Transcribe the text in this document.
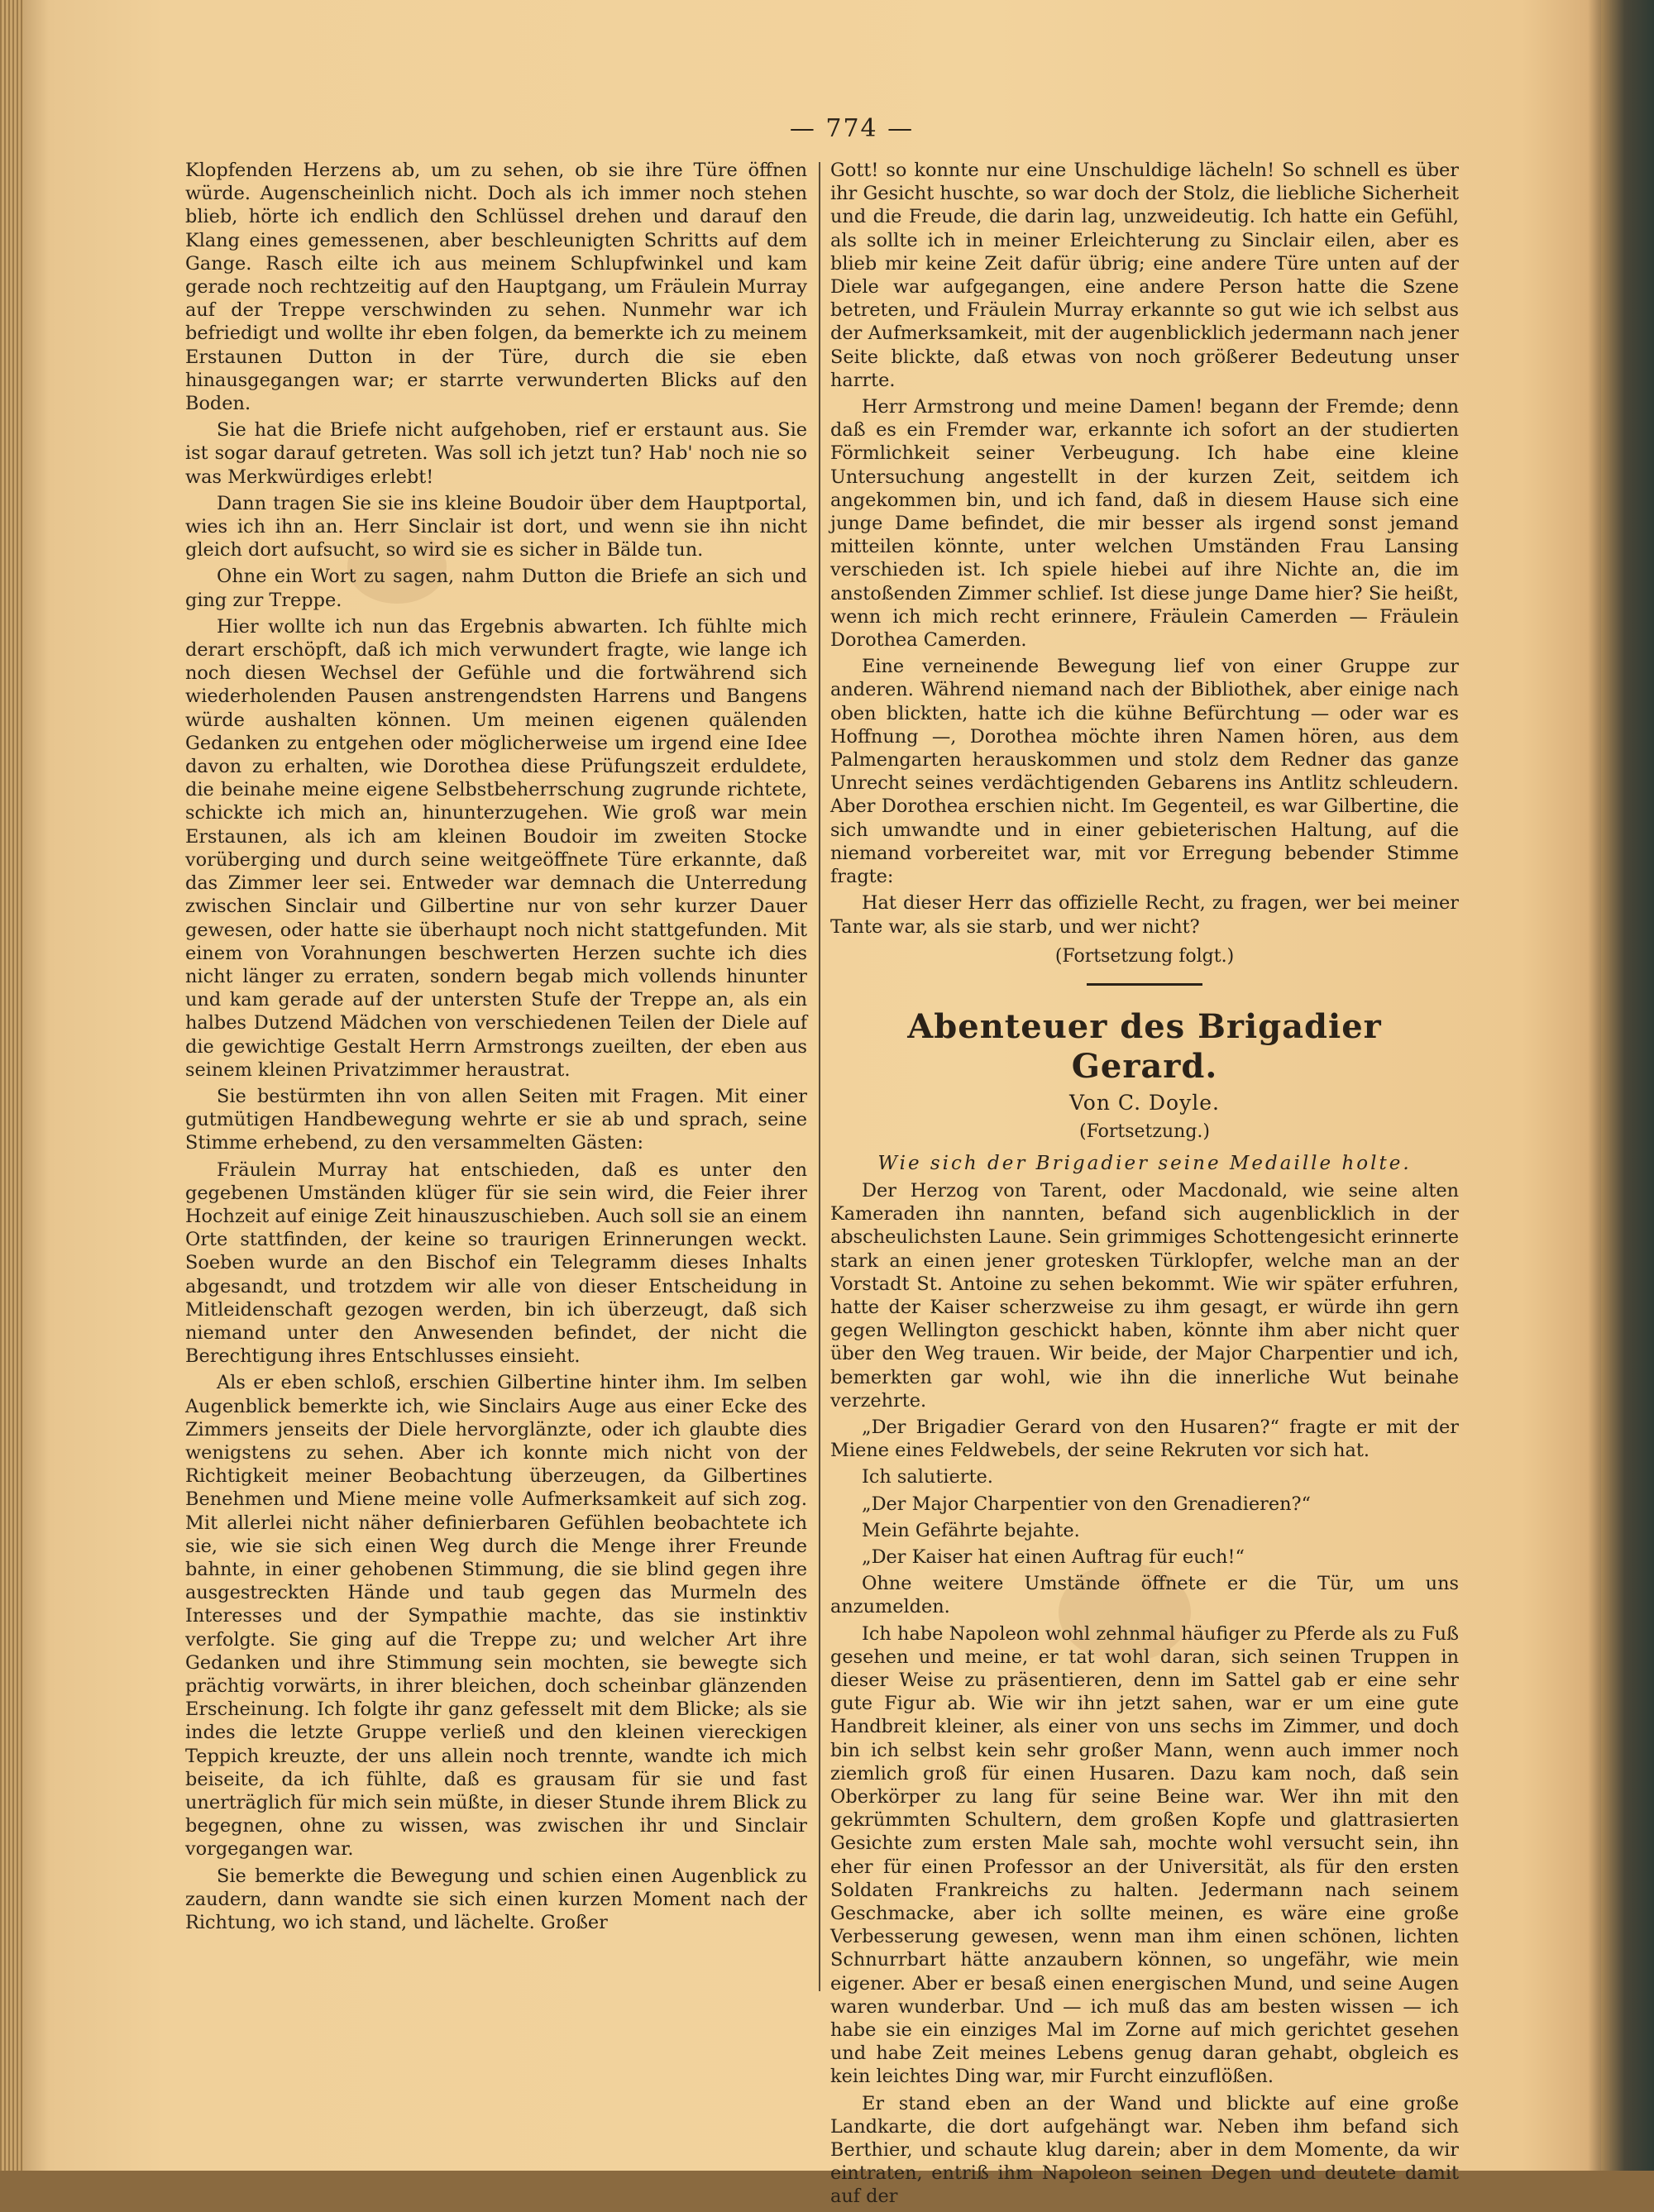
— 774 —

Klopfenden Herzens ab, um zu sehen, ob sie ihre Türe öffnen würde. Augenscheinlich nicht. Doch als ich immer noch stehen blieb, hörte ich endlich den Schlüssel drehen und darauf den Klang eines gemessenen, aber beschleunigten Schritts auf dem Gange. Rasch eilte ich aus meinem Schlupfwinkel und kam gerade noch rechtzeitig auf den Hauptgang, um Fräulein Murray auf der Treppe verschwinden zu sehen. Nunmehr war ich befriedigt und wollte ihr eben folgen, da bemerkte ich zu meinem Erstaunen Dutton in der Türe, durch die sie eben hinausgegangen war; er starrte verwunderten Blicks auf den Boden.

Sie hat die Briefe nicht aufgehoben, rief er erstaunt aus. Sie ist sogar darauf getreten. Was soll ich jetzt tun? Hab' noch nie so was Merkwürdiges erlebt!

Dann tragen Sie sie ins kleine Boudoir über dem Hauptportal, wies ich ihn an. Herr Sinclair ist dort, und wenn sie ihn nicht gleich dort aufsucht, so wird sie es sicher in Bälde tun.

Ohne ein Wort zu sagen, nahm Dutton die Briefe an sich und ging zur Treppe.

Hier wollte ich nun das Ergebnis abwarten. Ich fühlte mich derart erschöpft, daß ich mich verwundert fragte, wie lange ich noch diesen Wechsel der Gefühle und die fortwährend sich wiederholenden Pausen anstrengendsten Harrens und Bangens würde aushalten können. Um meinen eigenen quälenden Gedanken zu entgehen oder möglicherweise um irgend eine Idee davon zu erhalten, wie Dorothea diese Prüfungszeit erduldete, die beinahe meine eigene Selbstbeherrschung zugrunde richtete, schickte ich mich an, hinunterzugehen. Wie groß war mein Erstaunen, als ich am kleinen Boudoir im zweiten Stocke vorüberging und durch seine weitgeöffnete Türe erkannte, daß das Zimmer leer sei. Entweder war demnach die Unterredung zwischen Sinclair und Gilbertine nur von sehr kurzer Dauer gewesen, oder hatte sie überhaupt noch nicht stattgefunden. Mit einem von Vorahnungen beschwerten Herzen suchte ich dies nicht länger zu erraten, sondern begab mich vollends hinunter und kam gerade auf der untersten Stufe der Treppe an, als ein halbes Dutzend Mädchen von verschiedenen Teilen der Diele auf die gewichtige Gestalt Herrn Armstrongs zueilten, der eben aus seinem kleinen Privatzimmer heraustrat.

Sie bestürmten ihn von allen Seiten mit Fragen. Mit einer gutmütigen Handbewegung wehrte er sie ab und sprach, seine Stimme erhebend, zu den versammelten Gästen:

Fräulein Murray hat entschieden, daß es unter den gegebenen Umständen klüger für sie sein wird, die Feier ihrer Hochzeit auf einige Zeit hinauszuschieben. Auch soll sie an einem Orte stattfinden, der keine so traurigen Erinnerungen weckt. Soeben wurde an den Bischof ein Telegramm dieses Inhalts abgesandt, und trotzdem wir alle von dieser Entscheidung in Mitleidenschaft gezogen werden, bin ich überzeugt, daß sich niemand unter den Anwesenden befindet, der nicht die Berechtigung ihres Entschlusses einsieht.

Als er eben schloß, erschien Gilbertine hinter ihm. Im selben Augenblick bemerkte ich, wie Sinclairs Auge aus einer Ecke des Zimmers jenseits der Diele hervorglänzte, oder ich glaubte dies wenigstens zu sehen. Aber ich konnte mich nicht von der Richtigkeit meiner Beobachtung überzeugen, da Gilbertines Benehmen und Miene meine volle Aufmerksamkeit auf sich zog. Mit allerlei nicht näher definierbaren Gefühlen beobachtete ich sie, wie sie sich einen Weg durch die Menge ihrer Freunde bahnte, in einer gehobenen Stimmung, die sie blind gegen ihre ausgestreckten Hände und taub gegen das Murmeln des Interesses und der Sympathie machte, das sie instinktiv verfolgte. Sie ging auf die Treppe zu; und welcher Art ihre Gedanken und ihre Stimmung sein mochten, sie bewegte sich prächtig vorwärts, in ihrer bleichen, doch scheinbar glänzenden Erscheinung. Ich folgte ihr ganz gefesselt mit dem Blicke; als sie indes die letzte Gruppe verließ und den kleinen viereckigen Teppich kreuzte, der uns allein noch trennte, wandte ich mich beiseite, da ich fühlte, daß es grausam für sie und fast unerträglich für mich sein müßte, in dieser Stunde ihrem Blick zu begegnen, ohne zu wissen, was zwischen ihr und Sinclair vorgegangen war.

Sie bemerkte die Bewegung und schien einen Augenblick zu zaudern, dann wandte sie sich einen kurzen Moment nach der Richtung, wo ich stand, und lächelte. Großer

Gott! so konnte nur eine Unschuldige lächeln! So schnell es über ihr Gesicht huschte, so war doch der Stolz, die liebliche Sicherheit und die Freude, die darin lag, unzweideutig. Ich hatte ein Gefühl, als sollte ich in meiner Erleichterung zu Sinclair eilen, aber es blieb mir keine Zeit dafür übrig; eine andere Türe unten auf der Diele war aufgegangen, eine andere Person hatte die Szene betreten, und Fräulein Murray erkannte so gut wie ich selbst aus der Aufmerksamkeit, mit der augenblicklich jedermann nach jener Seite blickte, daß etwas von noch größerer Bedeutung unser harrte.

Herr Armstrong und meine Damen! begann der Fremde; denn daß es ein Fremder war, erkannte ich sofort an der studierten Förmlichkeit seiner Verbeugung. Ich habe eine kleine Untersuchung angestellt in der kurzen Zeit, seitdem ich angekommen bin, und ich fand, daß in diesem Hause sich eine junge Dame befindet, die mir besser als irgend sonst jemand mitteilen könnte, unter welchen Umständen Frau Lansing verschieden ist. Ich spiele hiebei auf ihre Nichte an, die im anstoßenden Zimmer schlief. Ist diese junge Dame hier? Sie heißt, wenn ich mich recht erinnere, Fräulein Camerden — Fräulein Dorothea Camerden.

Eine verneinende Bewegung lief von einer Gruppe zur anderen. Während niemand nach der Bibliothek, aber einige nach oben blickten, hatte ich die kühne Befürchtung — oder war es Hoffnung —, Dorothea möchte ihren Namen hören, aus dem Palmengarten herauskommen und stolz dem Redner das ganze Unrecht seines verdächtigenden Gebarens ins Antlitz schleudern. Aber Dorothea erschien nicht. Im Gegenteil, es war Gilbertine, die sich umwandte und in einer gebieterischen Haltung, auf die niemand vorbereitet war, mit vor Erregung bebender Stimme fragte:

Hat dieser Herr das offizielle Recht, zu fragen, wer bei meiner Tante war, als sie starb, und wer nicht?

(Fortsetzung folgt.)
Abenteuer des Brigadier Gerard.
Von C. Doyle.
(Fortsetzung.)
Wie sich der Brigadier seine Medaille holte.

Der Herzog von Tarent, oder Macdonald, wie seine alten Kameraden ihn nannten, befand sich augenblicklich in der abscheulichsten Laune. Sein grimmiges Schottengesicht erinnerte stark an einen jener grotesken Türklopfer, welche man an der Vorstadt St. Antoine zu sehen bekommt. Wie wir später erfuhren, hatte der Kaiser scherzweise zu ihm gesagt, er würde ihn gern gegen Wellington geschickt haben, könnte ihm aber nicht quer über den Weg trauen. Wir beide, der Major Charpentier und ich, bemerkten gar wohl, wie ihn die innerliche Wut beinahe verzehrte.

„Der Brigadier Gerard von den Husaren?“ fragte er mit der Miene eines Feldwebels, der seine Rekruten vor sich hat.

Ich salutierte.

„Der Major Charpentier von den Grenadieren?“

Mein Gefährte bejahte.

„Der Kaiser hat einen Auftrag für euch!“

Ohne weitere Umstände öffnete er die Tür, um uns anzumelden.

Ich habe Napoleon wohl zehnmal häufiger zu Pferde als zu Fuß gesehen und meine, er tat wohl daran, sich seinen Truppen in dieser Weise zu präsentieren, denn im Sattel gab er eine sehr gute Figur ab. Wie wir ihn jetzt sahen, war er um eine gute Handbreit kleiner, als einer von uns sechs im Zimmer, und doch bin ich selbst kein sehr großer Mann, wenn auch immer noch ziemlich groß für einen Husaren. Dazu kam noch, daß sein Oberkörper zu lang für seine Beine war. Wer ihn mit den gekrümmten Schultern, dem großen Kopfe und glattrasierten Gesichte zum ersten Male sah, mochte wohl versucht sein, ihn eher für einen Professor an der Universität, als für den ersten Soldaten Frankreichs zu halten. Jedermann nach seinem Geschmacke, aber ich sollte meinen, es wäre eine große Verbesserung gewesen, wenn man ihm einen schönen, lichten Schnurrbart hätte anzaubern können, so ungefähr, wie mein eigener. Aber er besaß einen energischen Mund, und seine Augen waren wunderbar. Und — ich muß das am besten wissen — ich habe sie ein einziges Mal im Zorne auf mich gerichtet gesehen und habe Zeit meines Lebens genug daran gehabt, obgleich es kein leichtes Ding war, mir Furcht einzuflößen.

Er stand eben an der Wand und blickte auf eine große Landkarte, die dort aufgehängt war. Neben ihm befand sich Berthier, und schaute klug darein; aber in dem Momente, da wir eintraten, entriß ihm Napoleon seinen Degen und deutete damit auf der
